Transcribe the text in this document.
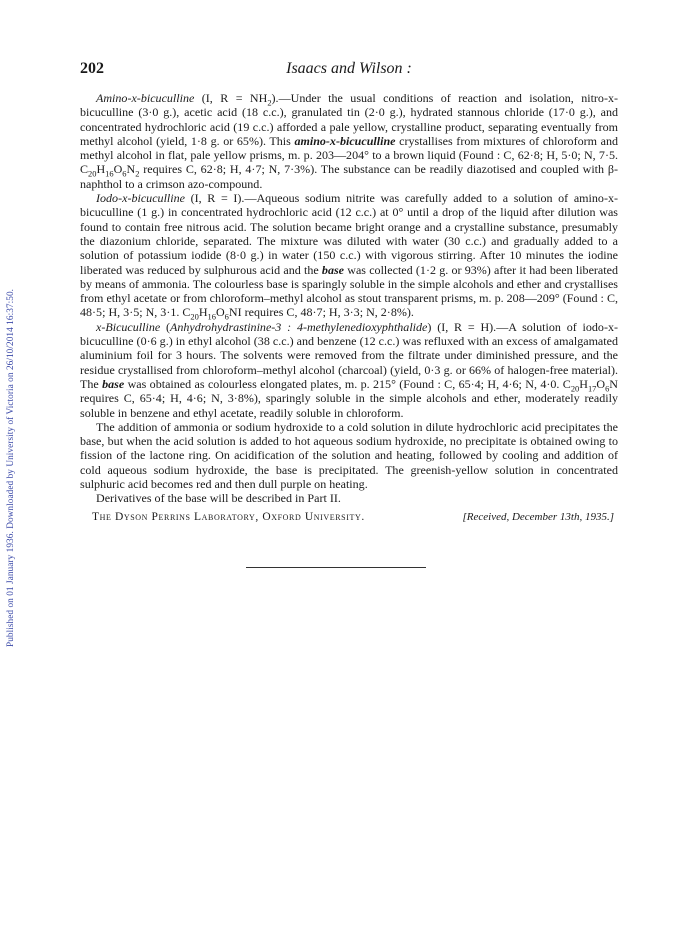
Published on 01 January 1936. Downloaded by University of Victoria on 26/10/2014 16:37:50.
202	Isaacs and Wilson :

Amino-x-bicuculline (I, $R = NH_2).—Under$ the usual conditions of reaction and isolation, nitro-x-bicuculline (3·0 g.), acetic acid (18 c.c.), granulated tin (2·0 g.), hydrated stannous chloride (17·0 g.), and concentrated hydrochloric acid (19 c.c.) afforded a pale yellow, crystalline product, separating eventually from methyl alcohol (yield, 1·8 g. or 65%). This amino-x-bicuculline crystallises from mixtures of chloroform and methyl alcohol in flat, pale yellow prisms, m. p. 203—204° to a brown liquid (Found : C, 62·8; H, 5·0; N, 7·5. $C_{20}H_{16}O_6N_2$ requires C, 62·8; H, 4·7; N, 7·3%). The substance can be readily diazotised and coupled with β-naphthol to a crimson azo-compound.

Iodo-x-bicuculline (I, R = I).—Aqueous sodium nitrite was carefully added to a solution of amino-x-bicuculline (1 g.) in concentrated hydrochloric acid (12 c.c.) at 0° until a drop of the liquid after dilution was found to contain free nitrous acid. The solution became bright orange and a crystalline substance, presumably the diazonium chloride, separated. The mixture was diluted with water (30 c.c.) and gradually added to a solution of potassium iodide (8·0 g.) in water (150 c.c.) with vigorous stirring. After 10 minutes the iodine liberated was reduced by sulphurous acid and the base was collected (1·2 g. or 93%) after it had been liberated by means of ammonia. The colourless base is sparingly soluble in the simple alcohols and ether and crystallises from ethyl acetate or from chloroform–methyl alcohol as stout transparent prisms, m. p. 208—209° (Found : C, 48·5; H, 3·5; N, 3·1. $C_{20}H_{16}O_6NI$ requires C, 48·7; H, 3·3; N, 2·8%).

x-Bicuculline (Anhydrohydrastinine-3 : 4-methylenedioxyphthalide) (I, R = H).—A solution of iodo-x-bicuculline (0·6 g.) in ethyl alcohol (38 c.c.) and benzene (12 c.c.) was refluxed with an excess of amalgamated aluminium foil for 3 hours. The solvents were removed from the filtrate under diminished pressure, and the residue crystallised from chloroform–methyl alcohol (charcoal) (yield, 0·3 g. or 66% of halogen-free material). The base was obtained as colourless elongated plates, m. p. 215° (Found : C, 65·4; H, 4·6; N, 4·0. $C_{20}H_{17}O_6N$ requires C, 65·4; H, 4·6; N, 3·8%), sparingly soluble in the simple alcohols and ether, moderately readily soluble in benzene and ethyl acetate, readily soluble in chloroform.

The addition of ammonia or sodium hydroxide to a cold solution in dilute hydrochloric acid precipitates the base, but when the acid solution is added to hot aqueous sodium hydroxide, no precipitate is obtained owing to fission of the lactone ring. On acidification of the solution and heating, followed by cooling and addition of cold aqueous sodium hydroxide, the base is precipitated. The greenish-yellow solution in concentrated sulphuric acid becomes red and then dull purple on heating.

Derivatives of the base will be described in Part II.

The Dyson Perrins Laboratory, Oxford University.	[Received, December 13th, 1935.]
